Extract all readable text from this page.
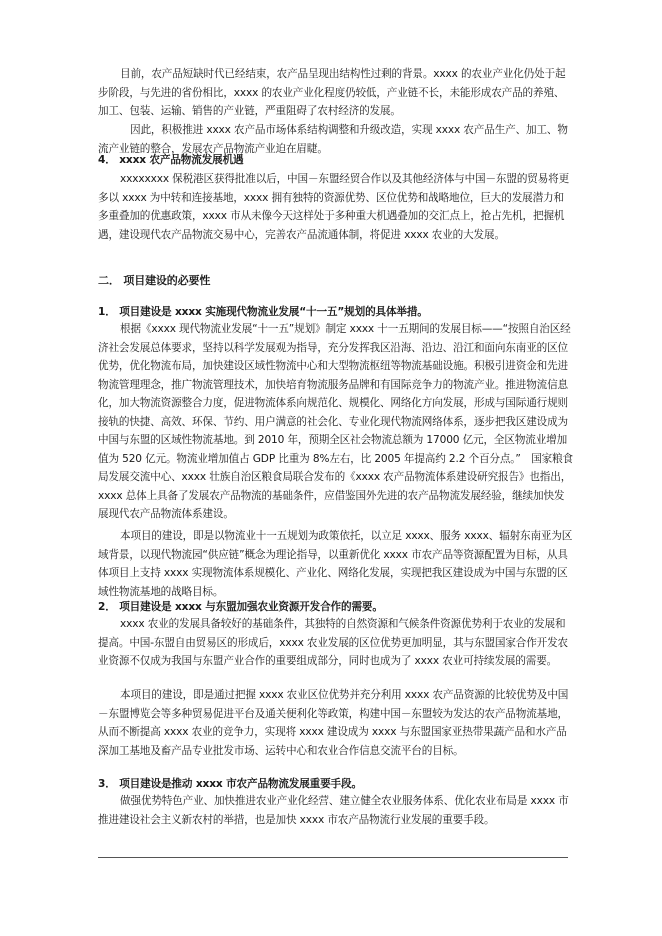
目前，农产品短缺时代已经结束，农产品呈现出结构性过剩的背景。xxxx 的农业产业化仍处于起步阶段，与先进的省份相比，xxxx 的农业产业化程度仍较低，产业链不长，未能形成农产品的养殖、加工、包装、运输、销售的产业链，严重阻碍了农村经济的发展。

因此，积极推进 xxxx 农产品市场体系结构调整和升级改造，实现 xxxx 农产品生产、加工、物流产业链的整合，发展农产品物流产业迫在眉睫。

4． xxxx 农产品物流发展机遇

xxxxxxxx 保税港区获得批准以后，中国－东盟经贸合作以及其他经济体与中国－东盟的贸易将更多以 xxxx 为中转和连接基地，xxxx 拥有独特的资源优势、区位优势和战略地位，巨大的发展潜力和多重叠加的优惠政策，xxxx 市从未像今天这样处于多种重大机遇叠加的交汇点上，抢占先机，把握机遇，建设现代农产品物流交易中心，完善农产品流通体制，将促进 xxxx 农业的大发展。

二． 项目建设的必要性

1． 项目建设是 xxxx 实施现代物流业发展“十一五”规划的具体举措。

根据《xxxx 现代物流业发展“十一五”规划》制定 xxxx 十一五期间的发展目标——“按照自治区经济社会发展总体要求，坚持以科学发展观为指导，充分发挥我区沿海、沿边、沿江和面向东南亚的区位优势，优化物流布局，加快建设区域性物流中心和大型物流枢纽等物流基础设施。积极引进资金和先进物流管理理念，推广物流管理技术，加快培育物流服务品牌和有国际竞争力的物流产业。推进物流信息化，加大物流资源整合力度，促进物流体系向规范化、规模化、网络化方向发展，形成与国际通行规则接轨的快捷、高效、环保、节约、用户满意的社会化、专业化现代物流网络体系，逐步把我区建设成为中国与东盟的区域性物流基地。到 2010 年，预期全区社会物流总额为 17000 亿元，全区物流业增加值为 520 亿元。物流业增加值占 GDP 比重为 8%左右，比 2005 年提高约 2.2 个百分点。”　国家粮食局发展交流中心、xxxx 壮族自治区粮食局联合发布的《xxxx 农产品物流体系建设研究报告》也指出，xxxx 总体上具备了发展农产品物流的基础条件，应借鉴国外先进的农产品物流发展经验，继续加快发展现代农产品物流体系建设。

本项目的建设，即是以物流业十一五规划为政策依托，以立足 xxxx、服务 xxxx、辐射东南亚为区域背景，以现代物流园“供应链”概念为理论指导，以重新优化 xxxx 市农产品等资源配置为目标，从具体项目上支持 xxxx 实现物流体系规模化、产业化、网络化发展，实现把我区建设成为中国与东盟的区域性物流基地的战略目标。

2． 项目建设是 xxxx 与东盟加强农业资源开发合作的需要。

xxxx 农业的发展具备较好的基础条件，其独特的自然资源和气候条件资源优势利于农业的发展和提高。中国-东盟自由贸易区的形成后，xxxx 农业发展的区位优势更加明显，其与东盟国家合作开发农业资源不仅成为我国与东盟产业合作的重要组成部分，同时也成为了 xxxx 农业可持续发展的需要。

本项目的建设，即是通过把握 xxxx 农业区位优势并充分利用 xxxx 农产品资源的比较优势及中国－东盟博览会等多种贸易促进平台及通关便利化等政策，构建中国－东盟较为发达的农产品物流基地，从而不断提高 xxxx 农业的竞争力，实现将 xxxx 建设成为 xxxx 与东盟国家亚热带果蔬产品和水产品深加工基地及畜产品专业批发市场、运转中心和农业合作信息交流平台的目标。

3． 项目建设是推动 xxxx 市农产品物流发展重要手段。

做强优势特色产业、加快推进农业产业化经营、建立健全农业服务体系、优化农业布局是 xxxx 市推进建设社会主义新农村的举措，也是加快 xxxx 市农产品物流行业发展的重要手段。
